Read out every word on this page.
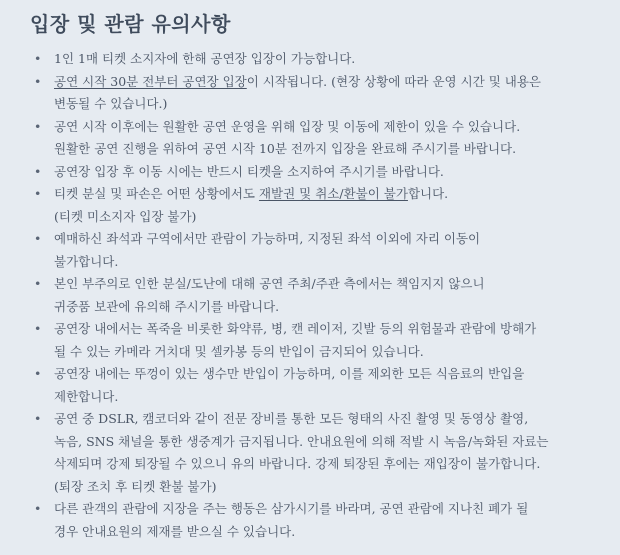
입장 및 관람 유의사항
• 1인 1매 티켓 소지자에 한해 공연장 입장이 가능합니다.
• 공연 시작 30분 전부터 공연장 입장이 시작됩니다. (현장 상황에 따라 운영 시간 및 내용은
변동될 수 있습니다.)
• 공연 시작 이후에는 원활한 공연 운영을 위해 입장 및 이동에 제한이 있을 수 있습니다.
원활한 공연 진행을 위하여 공연 시작 10분 전까지 입장을 완료해 주시기를 바랍니다.
• 공연장 입장 후 이동 시에는 반드시 티켓을 소지하여 주시기를 바랍니다.
• 티켓 분실 및 파손은 어떤 상황에서도 재발권 및 취소/환불이 불가합니다.
(티켓 미소지자 입장 불가)
• 예매하신 좌석과 구역에서만 관람이 가능하며, 지정된 좌석 이외에 자리 이동이
불가합니다.
• 본인 부주의로 인한 분실/도난에 대해 공연 주최/주관 측에서는 책임지지 않으니
귀중품 보관에 유의해 주시기를 바랍니다.
• 공연장 내에서는 폭죽을 비롯한 화약류, 병, 캔 레이저, 깃발 등의 위험물과 관람에 방해가
될 수 있는 카메라 거치대 및 셀카봉 등의 반입이 금지되어 있습니다.
• 공연장 내에는 뚜껑이 있는 생수만 반입이 가능하며, 이를 제외한 모든 식음료의 반입을
제한합니다.
• 공연 중 DSLR, 캠코더와 같이 전문 장비를 통한 모든 형태의 사진 촬영 및 동영상 촬영,
녹음, SNS 채널을 통한 생중계가 금지됩니다. 안내요원에 의해 적발 시 녹음/녹화된 자료는
삭제되며 강제 퇴장될 수 있으니 유의 바랍니다. 강제 퇴장된 후에는 재입장이 불가합니다.
(퇴장 조치 후 티켓 환불 불가)
• 다른 관객의 관람에 지장을 주는 행동은 삼가시기를 바라며, 공연 관람에 지나친 폐가 될
경우 안내요원의 제재를 받으실 수 있습니다.
